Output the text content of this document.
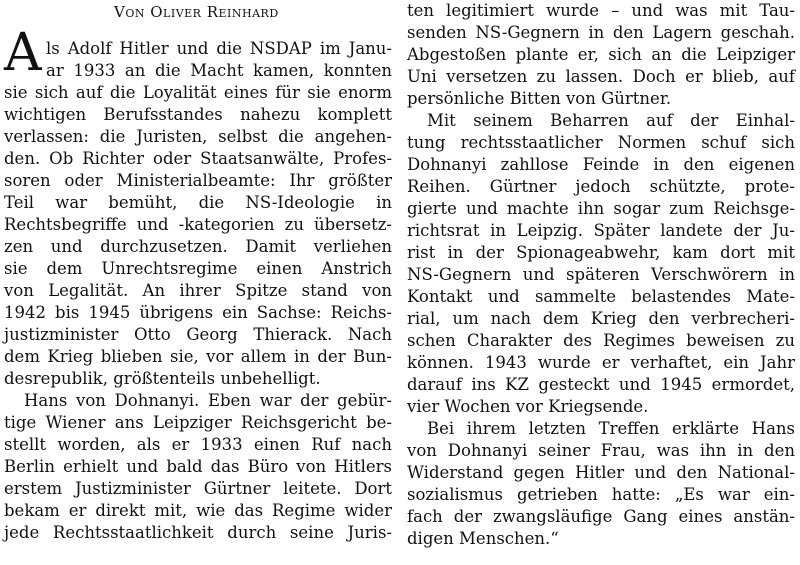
Von Oliver Reinhard
A ls Adolf Hitler und die NSDAP im Janu-
ar 1933 an die Macht kamen, konnten
sie sich auf die Loyalität eines für sie enorm
wichtigen Berufsstandes nahezu komplett
verlassen: die Juristen, selbst die angehen-
den. Ob Richter oder Staatsanwälte, Profes-
soren oder Ministerialbeamte: Ihr größter
Teil war bemüht, die NS-Ideologie in
Rechtsbegriffe und -kategorien zu übersetz-
zen und durchzusetzen. Damit verliehen
sie dem Unrechtsregime einen Anstrich
von Legalität. An ihrer Spitze stand von
1942 bis 1945 übrigens ein Sachse: Reichs-
justizminister Otto Georg Thierack. Nach
dem Krieg blieben sie, vor allem in der Bun-
desrepublik, größtenteils unbehelligt.
Hans von Dohnanyi. Eben war der gebür-
tige Wiener ans Leipziger Reichsgericht be-
stellt worden, als er 1933 einen Ruf nach
Berlin erhielt und bald das Büro von Hitlers
erstem Justizminister Gürtner leitete. Dort
bekam er direkt mit, wie das Regime wider
jede Rechtsstaatlichkeit durch seine Juris-
ten legitimiert wurde – und was mit Tau-
senden NS-Gegnern in den Lagern geschah.
Abgestoßen plante er, sich an die Leipziger
Uni versetzen zu lassen. Doch er blieb, auf
persönliche Bitten von Gürtner.
Mit seinem Beharren auf der Einhal-
tung rechtsstaatlicher Normen schuf sich
Dohnanyi zahllose Feinde in den eigenen
Reihen. Gürtner jedoch schützte, prote-
gierte und machte ihn sogar zum Reichsge-
richtsrat in Leipzig. Später landete der Ju-
rist in der Spionageabwehr, kam dort mit
NS-Gegnern und späteren Verschwörern in
Kontakt und sammelte belastendes Mate-
rial, um nach dem Krieg den verbrecheri-
schen Charakter des Regimes beweisen zu
können. 1943 wurde er verhaftet, ein Jahr
darauf ins KZ gesteckt und 1945 ermordet,
vier Wochen vor Kriegsende.
Bei ihrem letzten Treffen erklärte Hans
von Dohnanyi seiner Frau, was ihn in den
Widerstand gegen Hitler und den National-
sozialismus getrieben hatte: „Es war ein-
fach der zwangsläufige Gang eines anstän-
digen Menschen.“
